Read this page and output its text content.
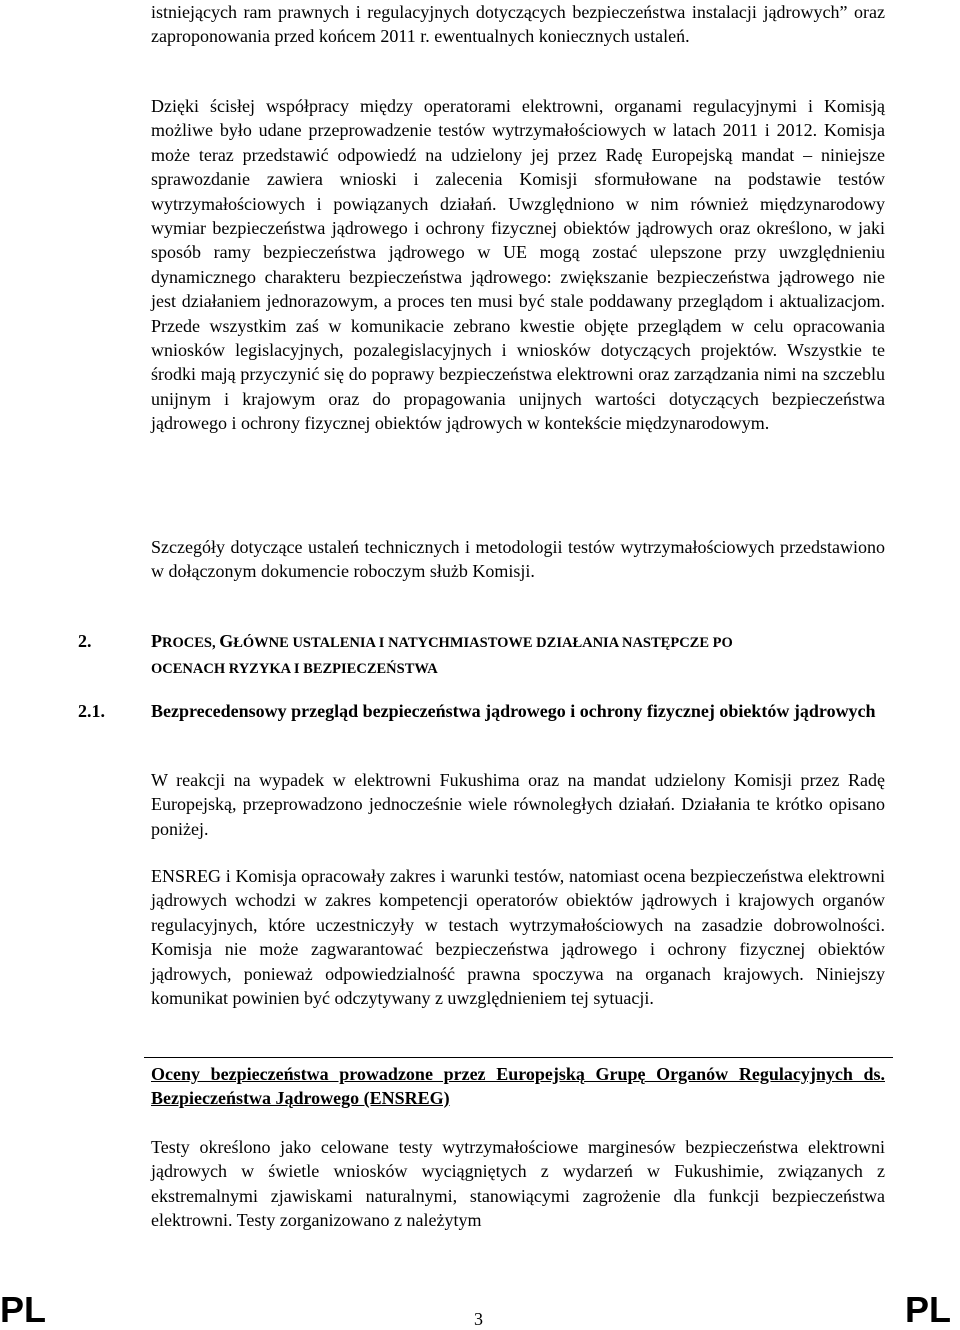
istniejących ram prawnych i regulacyjnych dotyczących bezpieczeństwa instalacji jądrowych” oraz zaproponowania przed końcem 2011 r. ewentualnych koniecznych ustaleń.

Dzięki ścisłej współpracy między operatorami elektrowni, organami regulacyjnymi i Komisją możliwe było udane przeprowadzenie testów wytrzymałościowych w latach 2011 i 2012. Komisja może teraz przedstawić odpowiedź na udzielony jej przez Radę Europejską mandat – niniejsze sprawozdanie zawiera wnioski i zalecenia Komisji sformułowane na podstawie testów wytrzymałościowych i powiązanych działań. Uwzględniono w nim również międzynarodowy wymiar bezpieczeństwa jądrowego i ochrony fizycznej obiektów jądrowych oraz określono, w jaki sposób ramy bezpieczeństwa jądrowego w UE mogą zostać ulepszone przy uwzględnieniu dynamicznego charakteru bezpieczeństwa jądrowego: zwiększanie bezpieczeństwa jądrowego nie jest działaniem jednorazowym, a proces ten musi być stale poddawany przeglądom i aktualizacjom. Przede wszystkim zaś w komunikacie zebrano kwestie objęte przeglądem w celu opracowania wniosków legislacyjnych, pozalegislacyjnych i wniosków dotyczących projektów. Wszystkie te środki mają przyczynić się do poprawy bezpieczeństwa elektrowni oraz zarządzania nimi na szczeblu unijnym i krajowym oraz do propagowania unijnych wartości dotyczących bezpieczeństwa jądrowego i ochrony fizycznej obiektów jądrowych w kontekście międzynarodowym.

Szczegóły dotyczące ustaleń technicznych i metodologii testów wytrzymałościowych przedstawiono w dołączonym dokumencie roboczym służb Komisji.

2.	PROCES, GŁÓWNE USTALENIA I NATYCHMIASTOWE DZIAŁANIA NASTĘPCZE PO
OCENACH RYZYKA I BEZPIECZEŃSTWA

2.1.	Bezprecedensowy przegląd bezpieczeństwa jądrowego i ochrony fizycznej obiektów jądrowych

W reakcji na wypadek w elektrowni Fukushima oraz na mandat udzielony Komisji przez Radę Europejską, przeprowadzono jednocześnie wiele równoległych działań. Działania te krótko opisano poniżej.

ENSREG i Komisja opracowały zakres i warunki testów, natomiast ocena bezpieczeństwa elektrowni jądrowych wchodzi w zakres kompetencji operatorów obiektów jądrowych i krajowych organów regulacyjnych, które uczestniczyły w testach wytrzymałościowych na zasadzie dobrowolności. Komisja nie może zagwarantować bezpieczeństwa jądrowego i ochrony fizycznej obiektów jądrowych, ponieważ odpowiedzialność prawna spoczywa na organach krajowych. Niniejszy komunikat powinien być odczytywany z uwzględnieniem tej sytuacji.

Oceny bezpieczeństwa prowadzone przez Europejską Grupę Organów Regulacyjnych ds. Bezpieczeństwa Jądrowego (ENSREG)

Testy określono jako celowane testy wytrzymałościowe marginesów bezpieczeństwa elektrowni jądrowych w świetle wniosków wyciągniętych z wydarzeń w Fukushimie, związanych z ekstremalnymi zjawiskami naturalnymi, stanowiącymi zagrożenie dla funkcji bezpieczeństwa elektrowni. Testy zorganizowano z należytym

PL	3	PL
